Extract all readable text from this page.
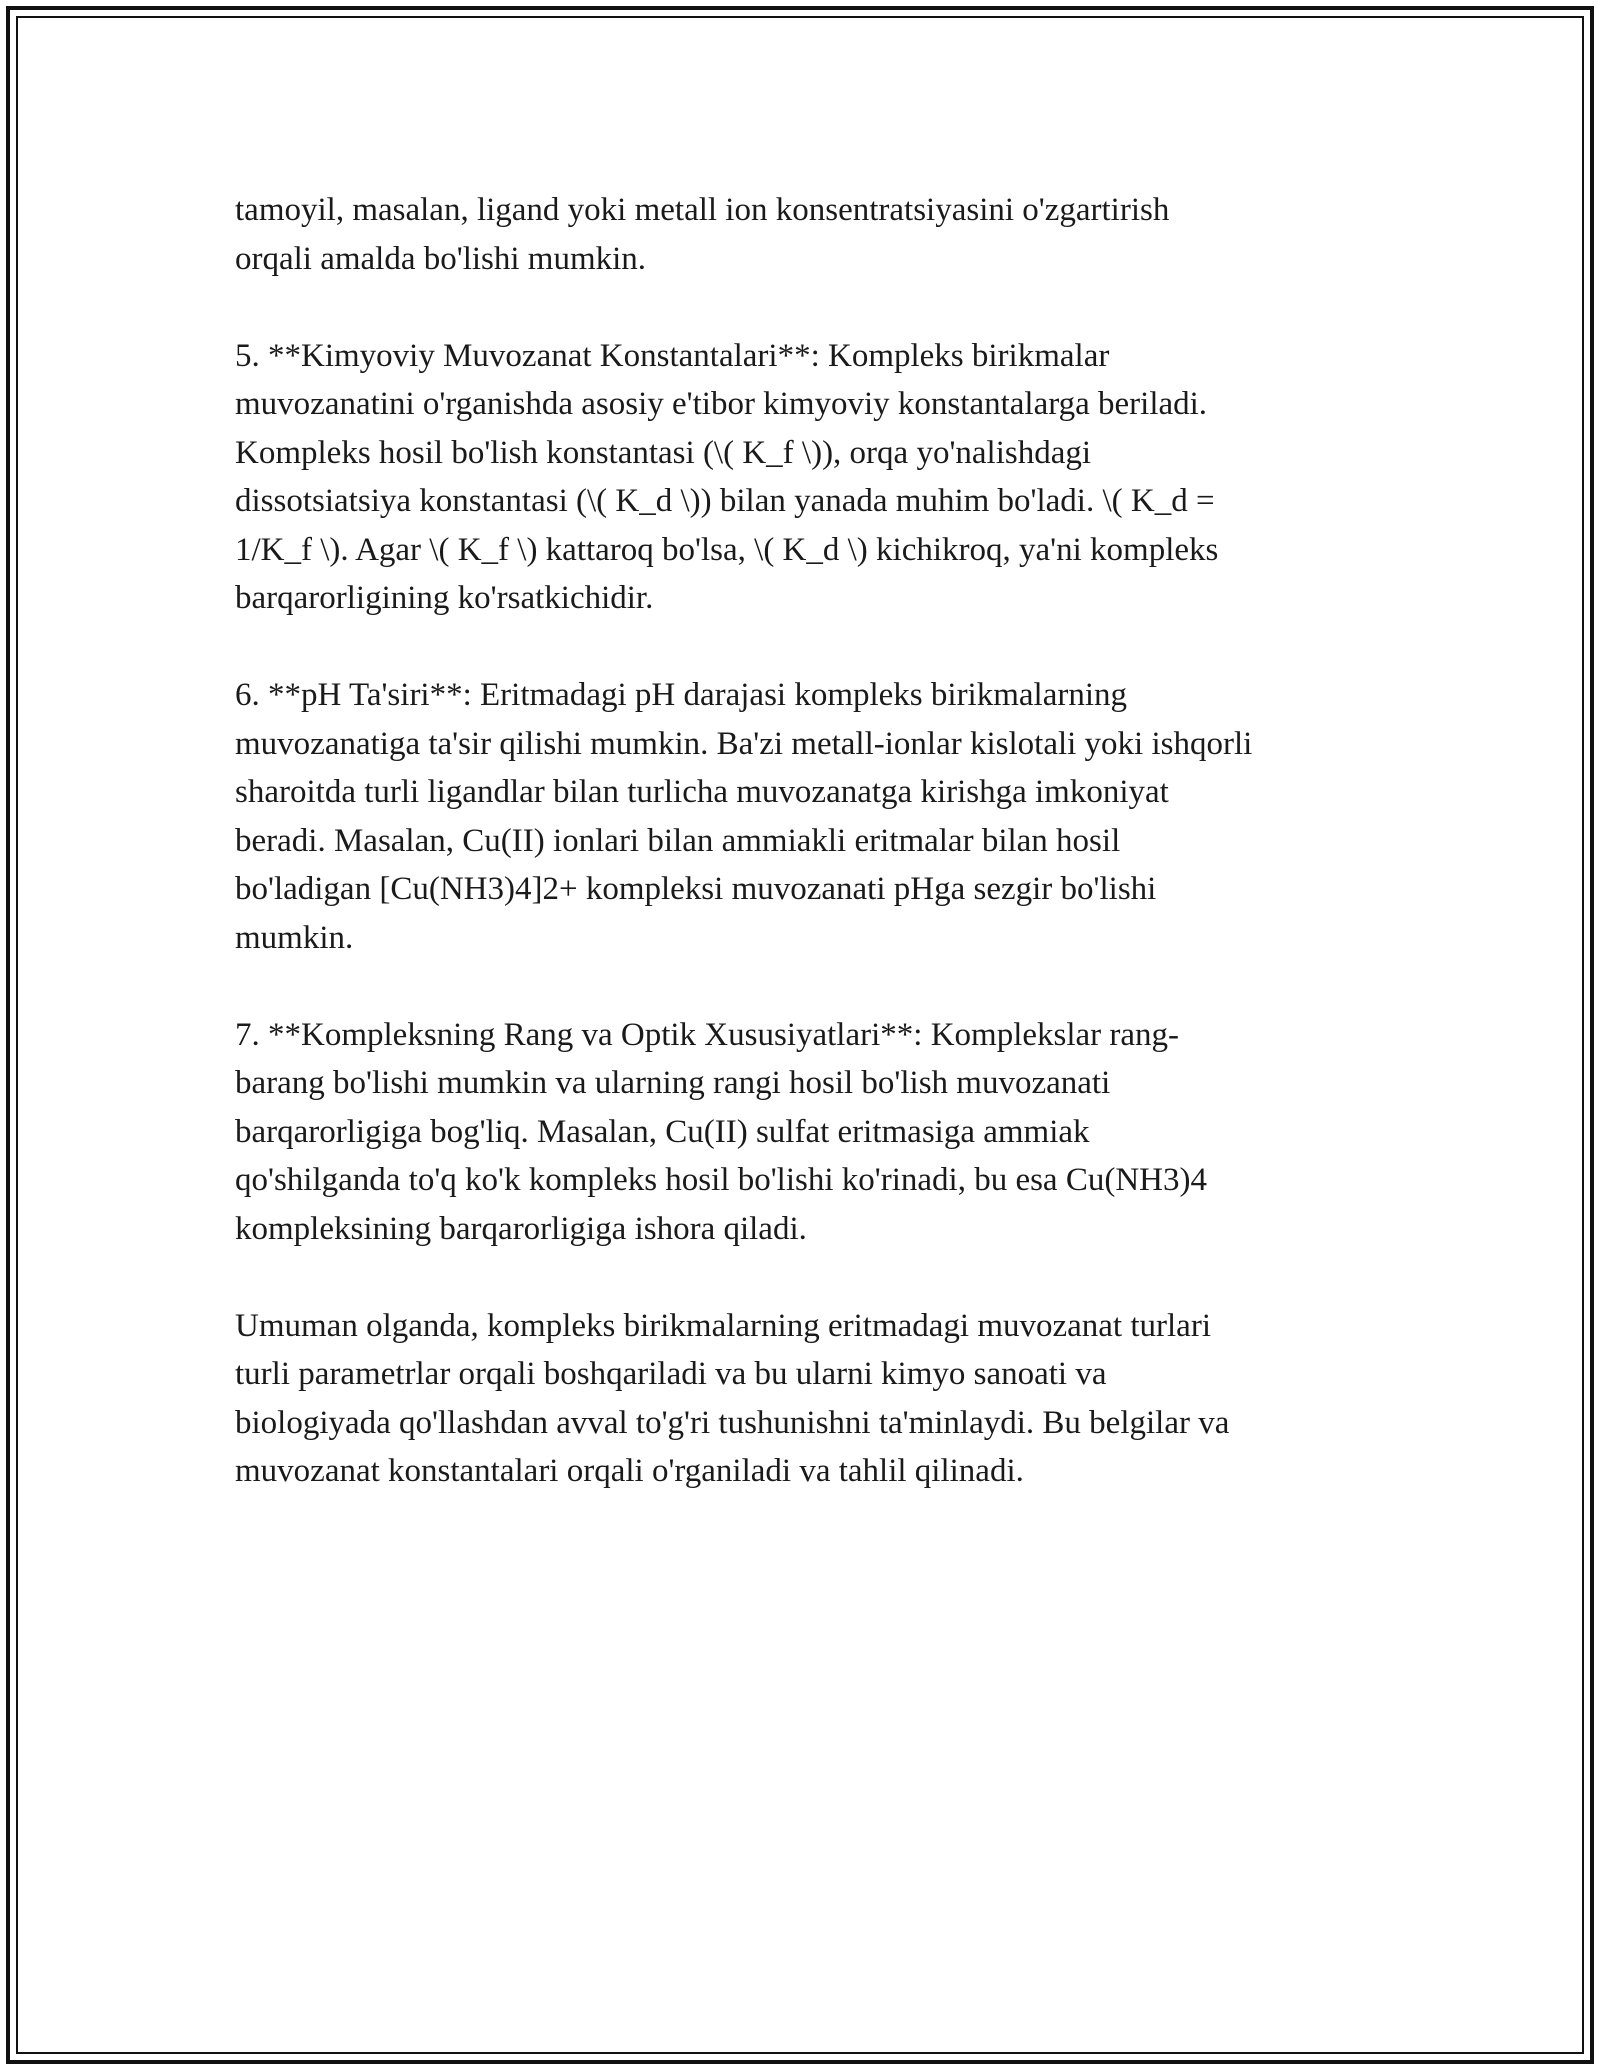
tamoyil, masalan, ligand yoki metall ion konsentratsiyasini o'zgartirish
orqali amalda bo'lishi mumkin.

5. **Kimyoviy Muvozanat Konstantalari**: Kompleks birikmalar
muvozanatini o'rganishda asosiy e'tibor kimyoviy konstantalarga beriladi.
Kompleks hosil bo'lish konstantasi (\( K_f \)), orqa yo'nalishdagi
dissotsiatsiya konstantasi (\( K_d \)) bilan yanada muhim bo'ladi. \( K_d =
1/K_f \). Agar \( K_f \) kattaroq bo'lsa, \( K_d \) kichikroq, ya'ni kompleks
barqarorligining ko'rsatkichidir.

6. **pH Ta'siri**: Eritmadagi pH darajasi kompleks birikmalarning
muvozanatiga ta'sir qilishi mumkin. Ba'zi metall-ionlar kislotali yoki ishqorli
sharoitda turli ligandlar bilan turlicha muvozanatga kirishga imkoniyat
beradi. Masalan, Cu(II) ionlari bilan ammiakli eritmalar bilan hosil
bo'ladigan [Cu(NH3)4]2+ kompleksi muvozanati pHga sezgir bo'lishi
mumkin.

7. **Kompleksning Rang va Optik Xususiyatlari**: Komplekslar rang-
barang bo'lishi mumkin va ularning rangi hosil bo'lish muvozanati
barqarorligiga bog'liq. Masalan, Cu(II) sulfat eritmasiga ammiak
qo'shilganda to'q ko'k kompleks hosil bo'lishi ko'rinadi, bu esa Cu(NH3)4
kompleksining barqarorligiga ishora qiladi.

Umuman olganda, kompleks birikmalarning eritmadagi muvozanat turlari
turli parametrlar orqali boshqariladi va bu ularni kimyo sanoati va
biologiyada qo'llashdan avval to'g'ri tushunishni ta'minlaydi. Bu belgilar va
muvozanat konstantalari orqali o'rganiladi va tahlil qilinadi.
